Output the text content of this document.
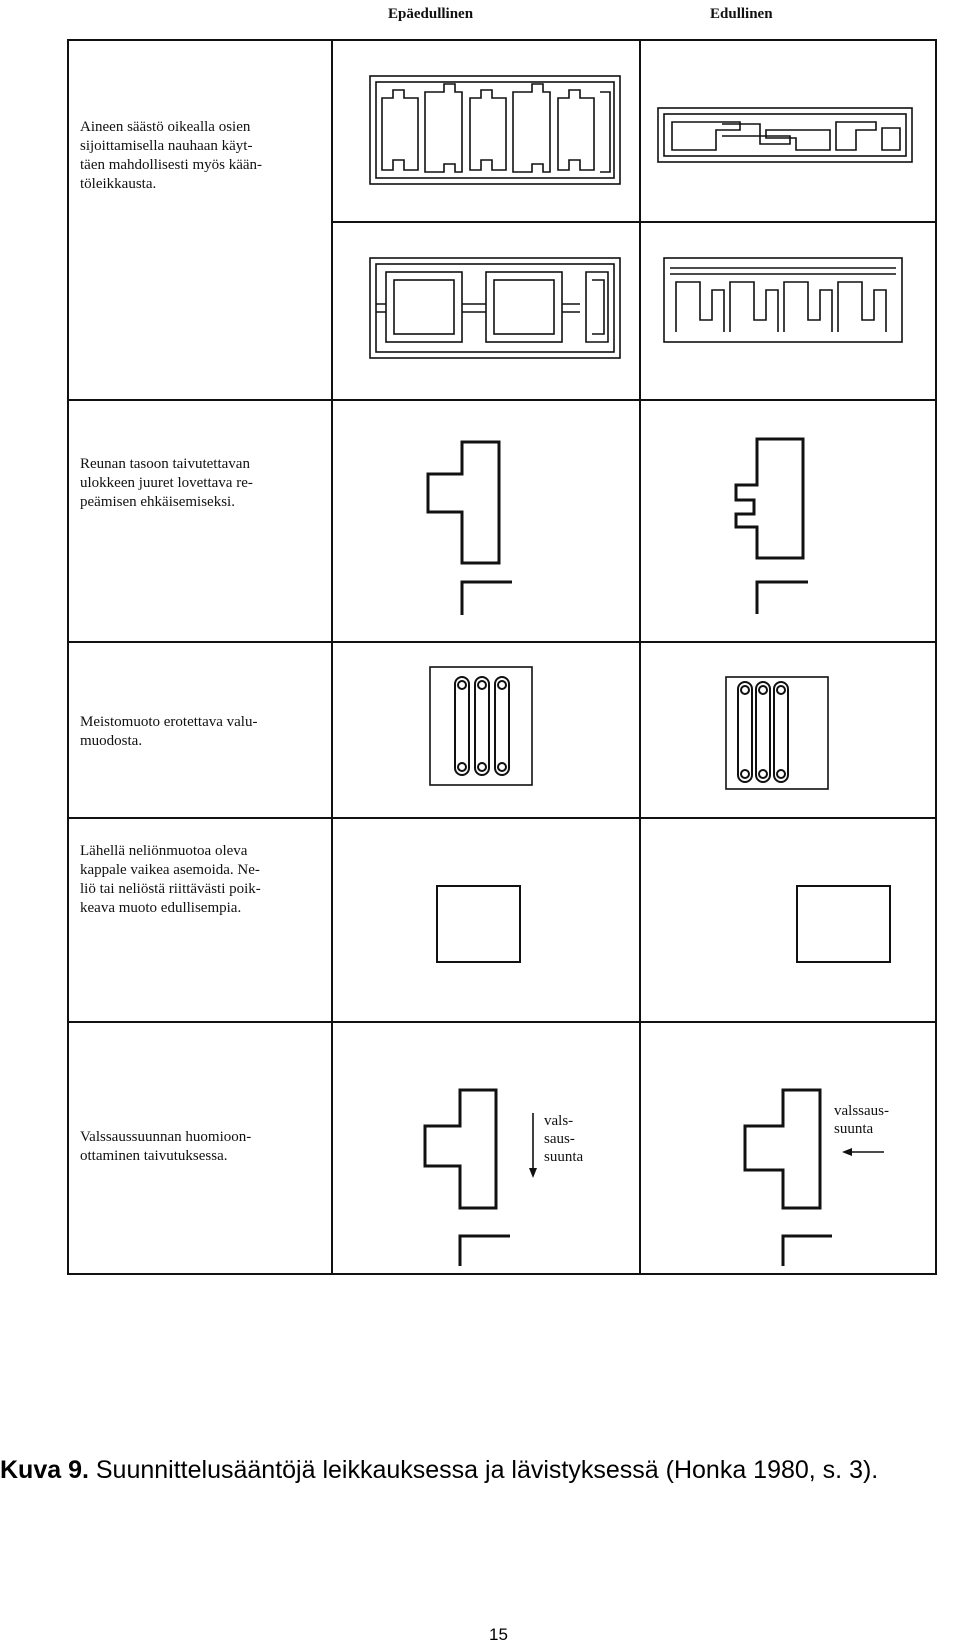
Epäedullinen	Edullinen
Aineen säästö oikealla osien
sijoittamisella nauhaan käyt-
täen mahdollisesti myös kään-
töleikkausta.
Reunan tasoon taivutettavan
ulokkeen juuret lovettava re-
peämisen ehkäisemiseksi.
Meistomuoto erotettava valu-
muodosta.
Lähellä neliönmuotoa oleva
kappale vaikea asemoida. Ne-
liö tai neliöstä riittävästi poik-
keava muoto edullisempia.
Valssaussuunnan huomioon-
ottaminen taivutuksessa.
vals-
saus-
suunta
valssaus-
suunta
Kuva 9. Suunnittelusääntöjä leikkauksessa ja lävistyksessä (Honka 1980, s. 3).
15
